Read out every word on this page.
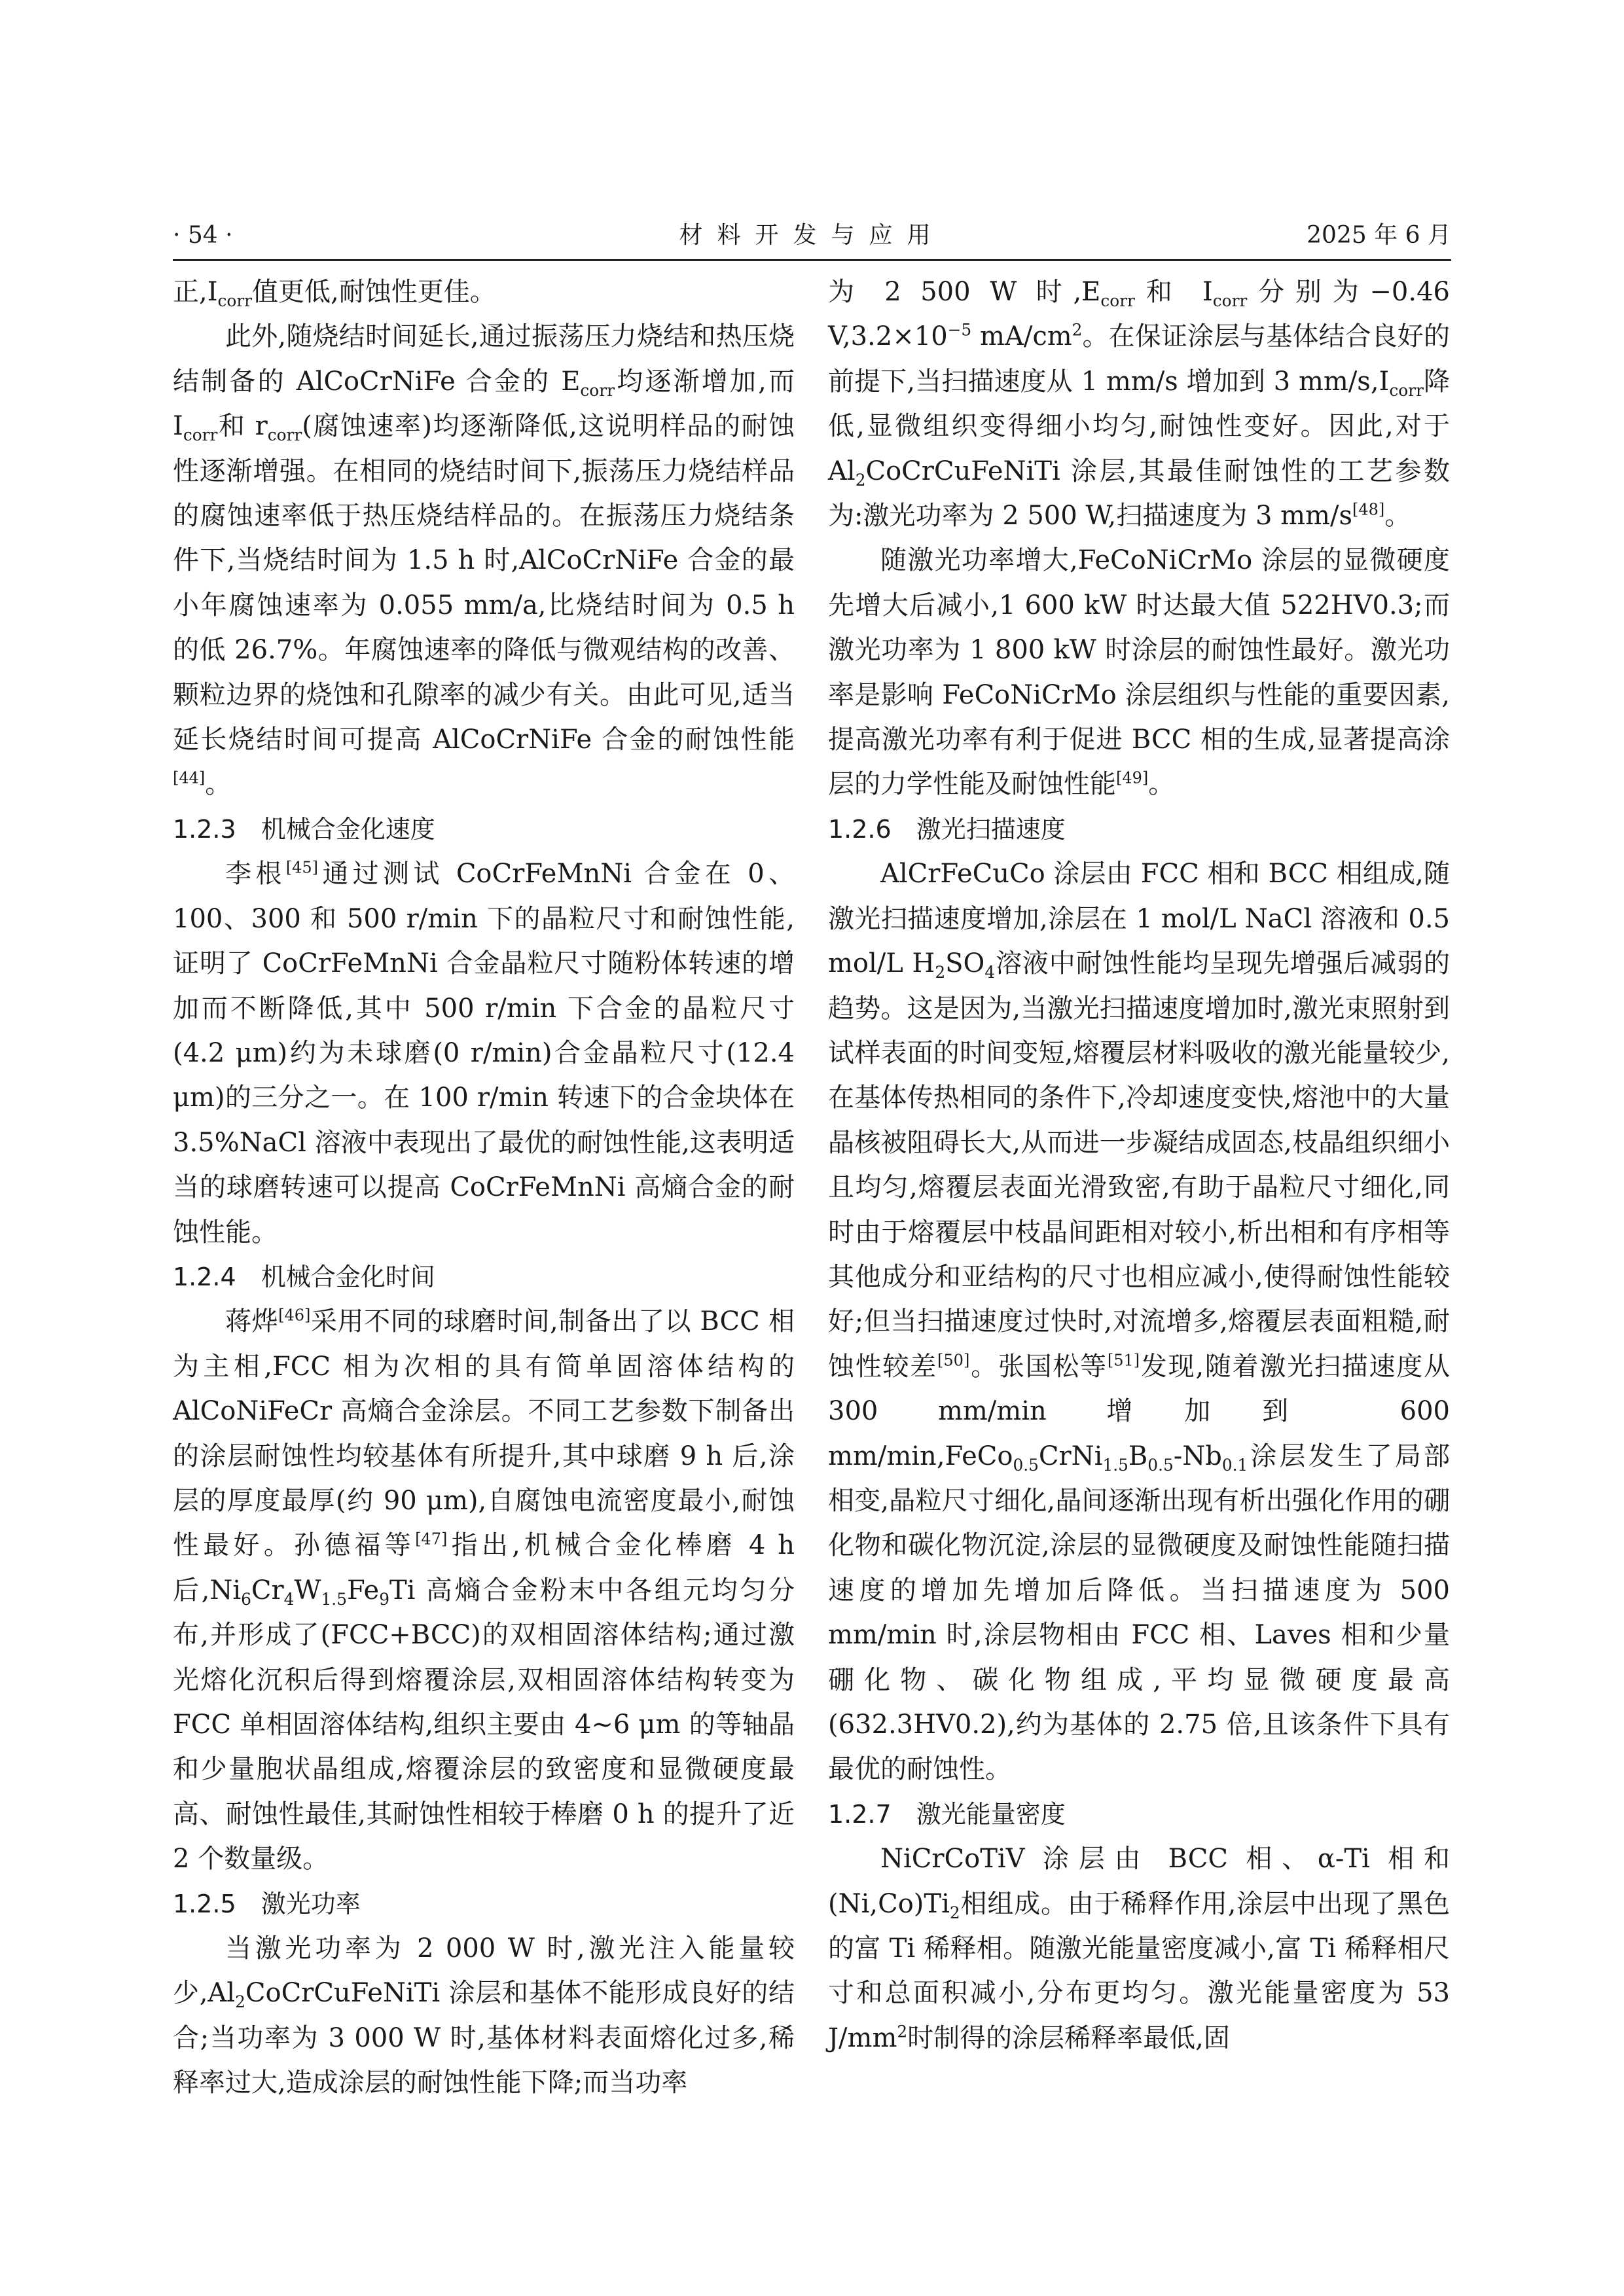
· 54 ·	材料开发与应用	2025 年 6 月

正$,I_{corr}$值更低,耐蚀性更佳。

此外,随烧结时间延长,通过振荡压力烧结和热压烧结制备的 AlCoCrNiFe 合金的 $E_{corr}$均逐渐增加,而 $I_{corr}$和 $r_{corr}$(腐蚀速率)均逐渐降低,这说明样品的耐蚀性逐渐增强。在相同的烧结时间下,振荡压力烧结样品的腐蚀速率低于热压烧结样品的。在振荡压力烧结条件下,当烧结时间为 1.5 h 时,AlCoCrNiFe 合金的最小年腐蚀速率为 0.055 mm/a,比烧结时间为 0.5 h 的低 26.7%。年腐蚀速率的降低与微观结构的改善、颗粒边界的烧蚀和孔隙率的减少有关。由此可见,适当延长烧结时间可提高 AlCoCrNiFe 合金的耐蚀性能[44]。

1.2.3　机械合金化速度

李根[45]通过测试 CoCrFeMnNi 合金在 0、100、300 和 500 r/min 下的晶粒尺寸和耐蚀性能,证明了 CoCrFeMnNi 合金晶粒尺寸随粉体转速的增加而不断降低,其中 500 r/min 下合金的晶粒尺寸(4.2 μm)约为未球磨(0 r/min)合金晶粒尺寸(12.4 μm)的三分之一。在 100 r/min 转速下的合金块体在 3.5%NaCl 溶液中表现出了最优的耐蚀性能,这表明适当的球磨转速可以提高 CoCrFeMnNi 高熵合金的耐蚀性能。

1.2.4　机械合金化时间

蒋烨[46]采用不同的球磨时间,制备出了以 BCC 相为主相,FCC 相为次相的具有简单固溶体结构的 AlCoNiFeCr 高熵合金涂层。不同工艺参数下制备出的涂层耐蚀性均较基体有所提升,其中球磨 9 h 后,涂层的厚度最厚(约 90 μm),自腐蚀电流密度最小,耐蚀性最好。孙德福等[47]指出,机械合金化棒磨 4 h 后$,Ni_6Cr_4W_{1.5}Fe_9Ti$ 高熵合金粉末中各组元均匀分布,并形成了(FCC+BCC)的双相固溶体结构;通过激光熔化沉积后得到熔覆涂层,双相固溶体结构转变为 FCC 单相固溶体结构,组织主要由 4~6 μm 的等轴晶和少量胞状晶组成,熔覆涂层的致密度和显微硬度最高、耐蚀性最佳,其耐蚀性相较于棒磨 0 h 的提升了近 2 个数量级。

1.2.5　激光功率

当激光功率为 2 000 W 时,激光注入能量较少$,Al_2CoCrCuFeNiTi$ 涂层和基体不能形成良好的结合;当功率为 3 000 W 时,基体材料表面熔化过多,稀释率过大,造成涂层的耐蚀性能下降;而当功率

为 2 500 W 时$,E_{corr}$和 $I_{corr}$分别为−0.46 $V,3.2\times 10^{-5}$ $mA/cm^2$。在保证涂层与基体结合良好的前提下,当扫描速度从 1 mm/s 增加到 3 $mm/s,I_{corr}$降低,显微组织变得细小均匀,耐蚀性变好。因此,对于 $Al_2CoCrCuFeNiTi$ 涂层,其最佳耐蚀性的工艺参数为:激光功率为 2 500 W,扫描速度为 3 mm/s[48]。

随激光功率增大,FeCoNiCrMo 涂层的显微硬度先增大后减小,1 600 kW 时达最大值 522HV0.3;而激光功率为 1 800 kW 时涂层的耐蚀性最好。激光功率是影响 FeCoNiCrMo 涂层组织与性能的重要因素,提高激光功率有利于促进 BCC 相的生成,显著提高涂层的力学性能及耐蚀性能[49]。

1.2.6　激光扫描速度

AlCrFeCuCo 涂层由 FCC 相和 BCC 相组成,随激光扫描速度增加,涂层在 1 mol/L NaCl 溶液和 0.5 mol/L $H_2SO_4$溶液中耐蚀性能均呈现先增强后减弱的趋势。这是因为,当激光扫描速度增加时,激光束照射到试样表面的时间变短,熔覆层材料吸收的激光能量较少,在基体传热相同的条件下,冷却速度变快,熔池中的大量晶核被阻碍长大,从而进一步凝结成固态,枝晶组织细小且均匀,熔覆层表面光滑致密,有助于晶粒尺寸细化,同时由于熔覆层中枝晶间距相对较小,析出相和有序相等其他成分和亚结构的尺寸也相应减小,使得耐蚀性能较好;但当扫描速度过快时,对流增多,熔覆层表面粗糙,耐蚀性较差[50]。张国松等[51]发现,随着激光扫描速度从 300 mm/min 增加到 600 $mm/\min,FeCo_{0.5}CrNi_{1.5}B_{0.5}-Nb_{0.1}$涂层发生了局部相变,晶粒尺寸细化,晶间逐渐出现有析出强化作用的硼化物和碳化物沉淀,涂层的显微硬度及耐蚀性能随扫描速度的增加先增加后降低。当扫描速度为 500 mm/min 时,涂层物相由 FCC 相、Laves 相和少量硼化物、碳化物组成,平均显微硬度最高(632.3HV0.2),约为基体的 2.75 倍,且该条件下具有最优的耐蚀性。

1.2.7　激光能量密度

NiCrCoTiV 涂层由 BCC 相、α-Ti 相和$(Ni,Co)Ti_2$相组成。由于稀释作用,涂层中出现了黑色的富 Ti 稀释相。随激光能量密度减小,富 Ti 稀释相尺寸和总面积减小,分布更均匀。激光能量密度为 53 $J/mm^2$时制得的涂层稀释率最低,固
